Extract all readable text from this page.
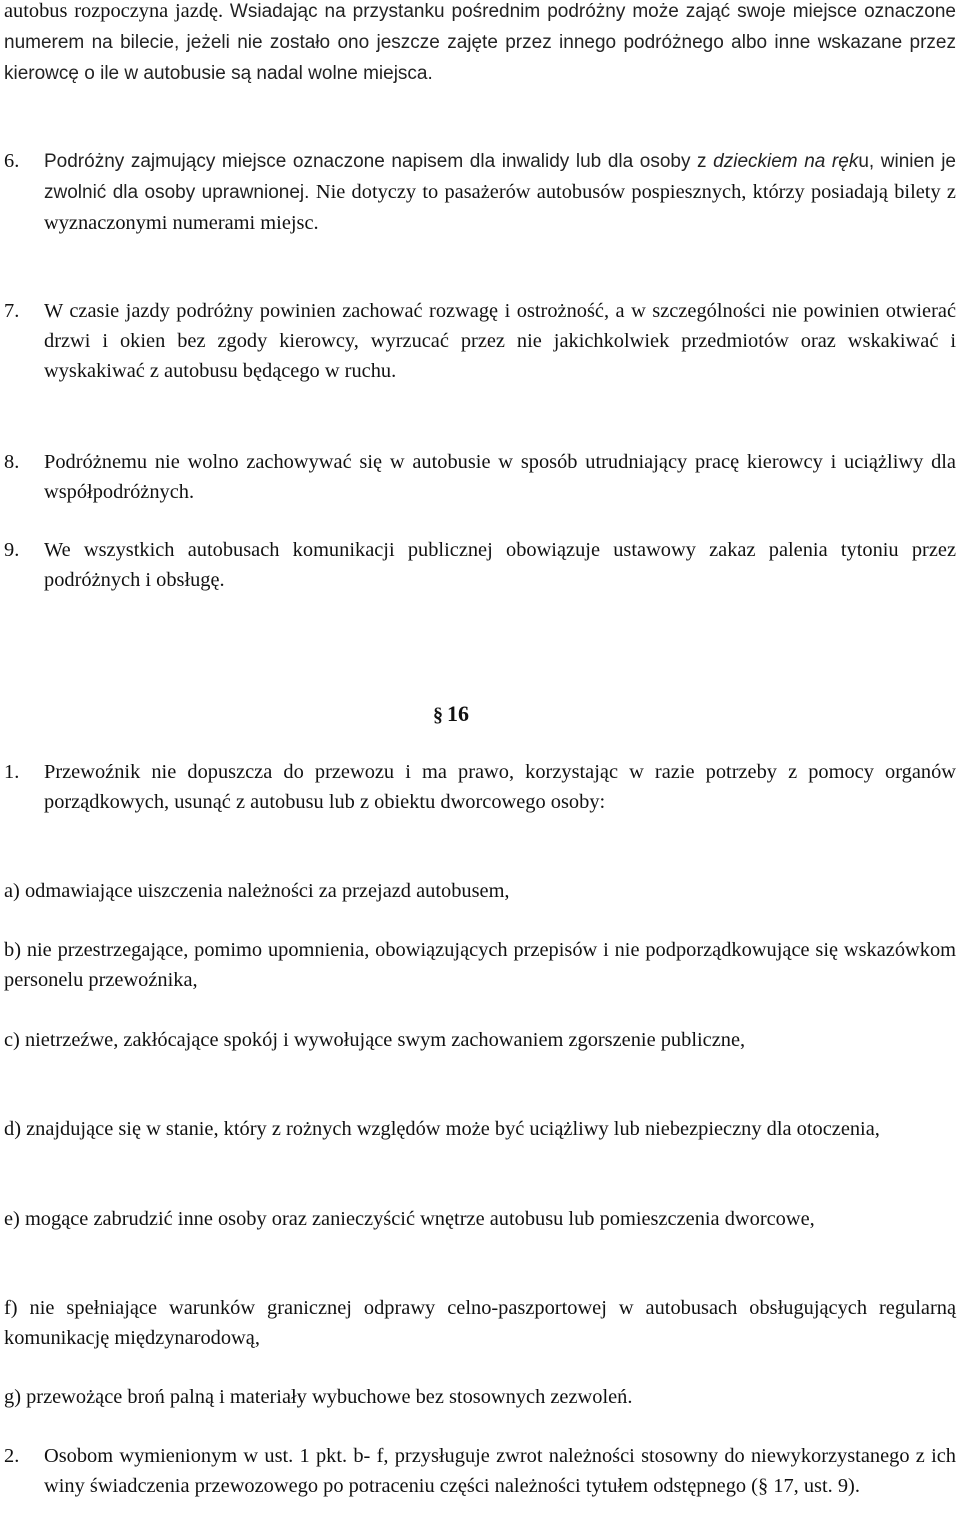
autobus rozpoczyna jazdę. Wsiadając na przystanku pośrednim podróżny może zająć swoje miejsce oznaczone numerem na bilecie, jeżeli nie zostało ono jeszcze zajęte przez innego podróżnego albo inne wskazane przez kierowcę o ile w autobusie są nadal wolne miejsca.

6. Podróżny zajmujący miejsce oznaczone napisem dla inwalidy lub dla osoby z dzieckiem na ręku, winien je zwolnić dla osoby uprawnionej. Nie dotyczy to pasażerów autobusów pospiesznych, którzy posiadają bilety z wyznaczonymi numerami miejsc.

7. W czasie jazdy podróżny powinien zachować rozwagę i ostrożność, a w szczególności nie powinien otwierać drzwi i okien bez zgody kierowcy, wyrzucać przez nie jakichkolwiek przedmiotów oraz wskakiwać i wyskakiwać z autobusu będącego w ruchu.

8. Podróżnemu nie wolno zachowywać się w autobusie w sposób utrudniający pracę kierowcy i uciążliwy dla współpodróżnych.

9. We wszystkich autobusach komunikacji publicznej obowiązuje ustawowy zakaz palenia tytoniu przez podróżnych i obsługę.

§ 16

1. Przewoźnik nie dopuszcza do przewozu i ma prawo, korzystając w razie potrzeby z pomocy organów porządkowych, usunąć z autobusu lub z obiektu dworcowego osoby:

a) odmawiające uiszczenia należności za przejazd autobusem,

b) nie przestrzegające, pomimo upomnienia, obowiązujących przepisów i nie podporządkowujące się wskazówkom personelu przewoźnika,

c) nietrzeźwe, zakłócające spokój i wywołujące swym zachowaniem zgorszenie publiczne,

d) znajdujące się w stanie, który z rożnych względów może być uciążliwy lub niebezpieczny dla otoczenia,

e) mogące zabrudzić inne osoby oraz zanieczyścić wnętrze autobusu lub pomieszczenia dworcowe,

f) nie spełniające warunków granicznej odprawy celno-paszportowej w autobusach obsługujących regularną komunikację międzynarodową,

g) przewożące broń palną i materiały wybuchowe bez stosownych zezwoleń.

2. Osobom wymienionym w ust. 1 pkt. b- f, przysługuje zwrot należności stosowny do niewykorzystanego z ich winy świadczenia przewozowego po potraceniu części należności tytułem odstępnego (§ 17, ust. 9).
